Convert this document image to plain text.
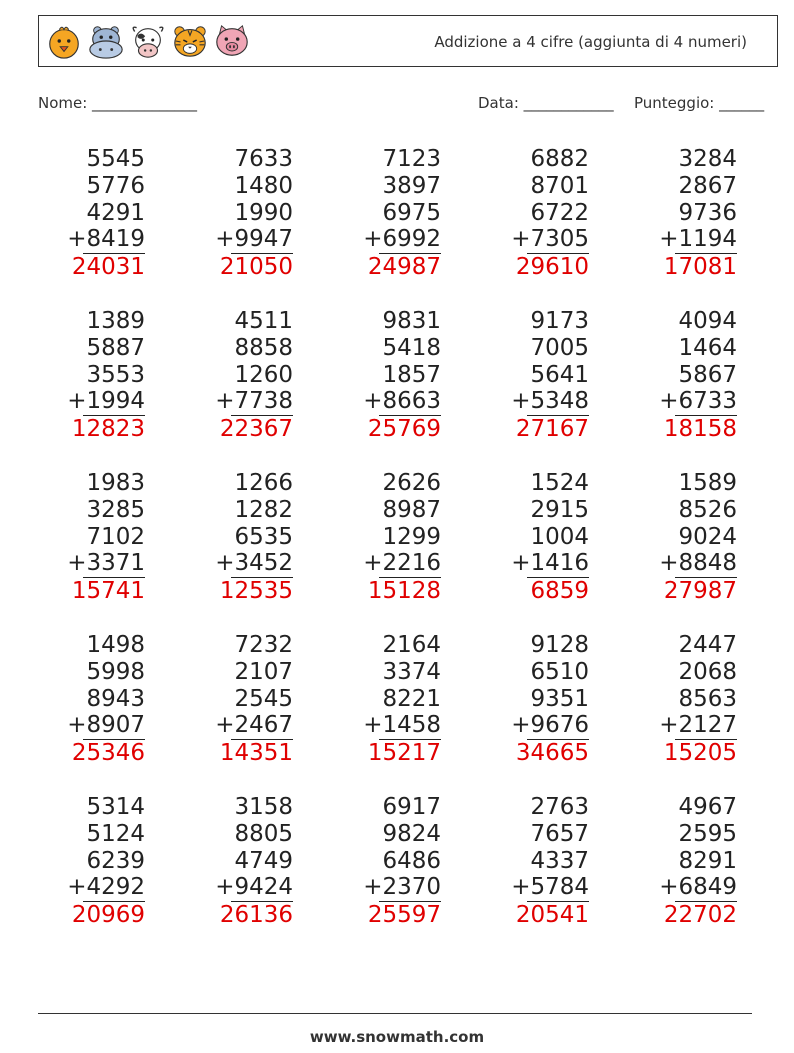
Addizione a 4 cifre (aggiunta di 4 numeri)
Nome: ______________	Data: ____________ Punteggio: ______
5545
5776
4291
+8419
24031
7633
1480
1990
+9947
21050
7123
3897
6975
+6992
24987
6882
8701
6722
+7305
29610
3284
2867
9736
+1194
17081
1389
5887
3553
+1994
12823
4511
8858
1260
+7738
22367
9831
5418
1857
+8663
25769
9173
7005
5641
+5348
27167
4094
1464
5867
+6733
18158
1983
3285
7102
+3371
15741
1266
1282
6535
+3452
12535
2626
8987
1299
+2216
15128
1524
2915
1004
+1416
6859
1589
8526
9024
+8848
27987
1498
5998
8943
+8907
25346
7232
2107
2545
+2467
14351
2164
3374
8221
+1458
15217
9128
6510
9351
+9676
34665
2447
2068
8563
+2127
15205
5314
5124
6239
+4292
20969
3158
8805
4749
+9424
26136
6917
9824
6486
+2370
25597
2763
7657
4337
+5784
20541
4967
2595
8291
+6849
22702
www.snowmath.com
